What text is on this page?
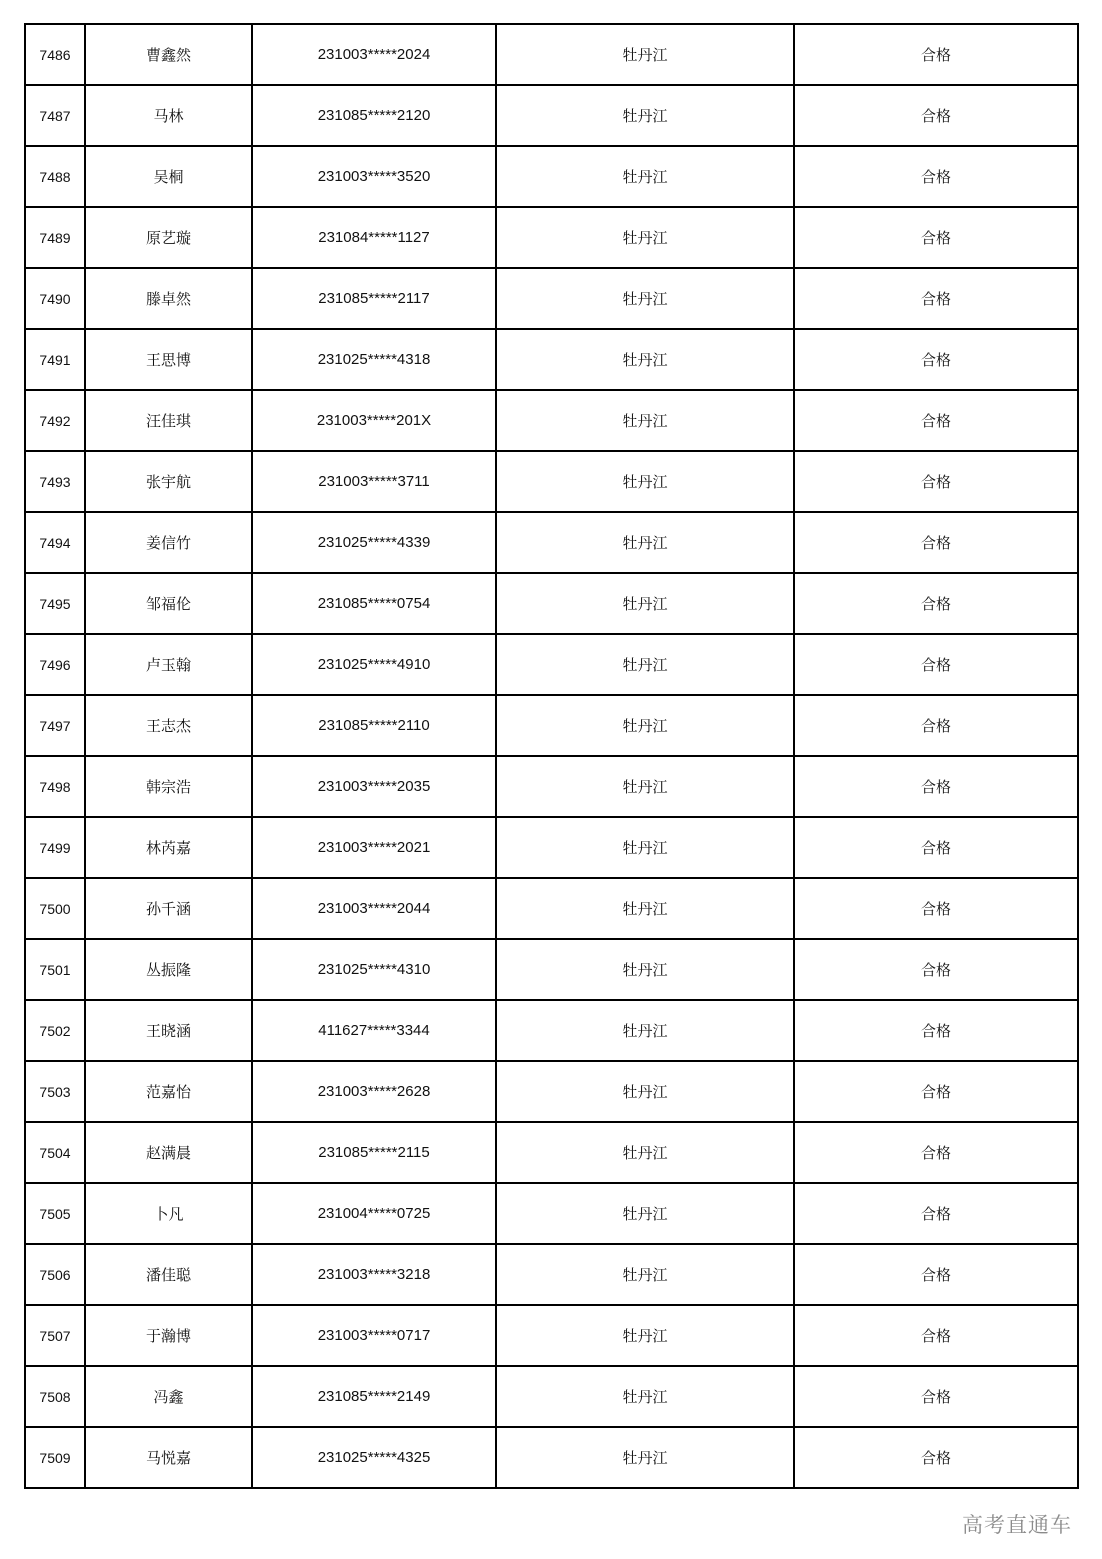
7486	曹鑫然	231003*****2024	牡丹江	合格
7487	马林	231085*****2120	牡丹江	合格
7488	吴桐	231003*****3520	牡丹江	合格
7489	原艺璇	231084*****1127	牡丹江	合格
7490	滕卓然	231085*****2117	牡丹江	合格
7491	王思博	231025*****4318	牡丹江	合格
7492	汪佳琪	231003*****201X	牡丹江	合格
7493	张宇航	231003*****3711	牡丹江	合格
7494	姜信竹	231025*****4339	牡丹江	合格
7495	邹福伦	231085*****0754	牡丹江	合格
7496	卢玉翰	231025*****4910	牡丹江	合格
7497	王志杰	231085*****2110	牡丹江	合格
7498	韩宗浩	231003*****2035	牡丹江	合格
7499	林芮嘉	231003*****2021	牡丹江	合格
7500	孙千涵	231003*****2044	牡丹江	合格
7501	丛振隆	231025*****4310	牡丹江	合格
7502	王晓涵	411627*****3344	牡丹江	合格
7503	范嘉怡	231003*****2628	牡丹江	合格
7504	赵满晨	231085*****2115	牡丹江	合格
7505	卜凡	231004*****0725	牡丹江	合格
7506	潘佳聪	231003*****3218	牡丹江	合格
7507	于瀚博	231003*****0717	牡丹江	合格
7508	冯鑫	231085*****2149	牡丹江	合格
7509	马悦嘉	231025*****4325	牡丹江	合格
高考直通车
